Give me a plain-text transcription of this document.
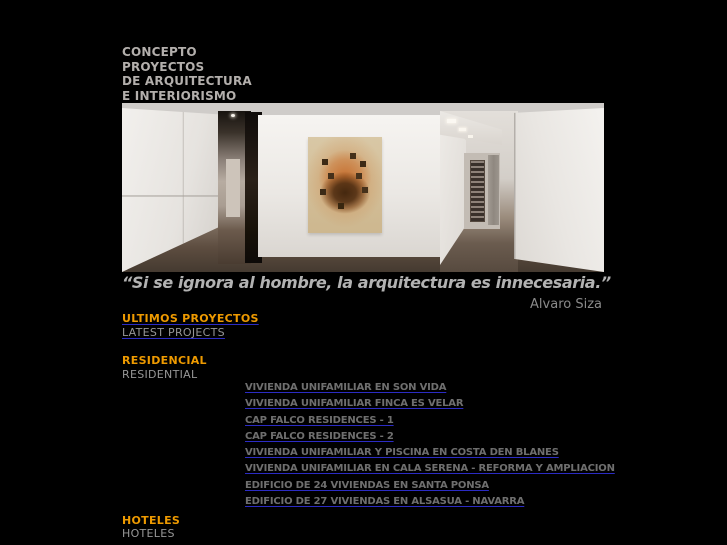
CONCEPTO
PROYECTOS
DE ARQUITECTURA
E INTERIORISMO
“Si se ignora al hombre, la arquitectura es innecesaria.”
Alvaro Siza
ULTIMOS PROYECTOS
LATEST PROJECTS
RESIDENCIAL
RESIDENTIAL
VIVIENDA UNIFAMILIAR EN SON VIDA
VIVIENDA UNIFAMILIAR FINCA ES VELAR
CAP FALCO RESIDENCES - 1
CAP FALCO RESIDENCES - 2
VIVIENDA UNIFAMILIAR Y PISCINA EN COSTA DEN BLANES
VIVIENDA UNIFAMILIAR EN CALA SERENA - REFORMA Y AMPLIACION
EDIFICIO DE 24 VIVIENDAS EN SANTA PONSA
EDIFICIO DE 27 VIVIENDAS EN ALSASUA - NAVARRA
HOTELES
HOTELES
